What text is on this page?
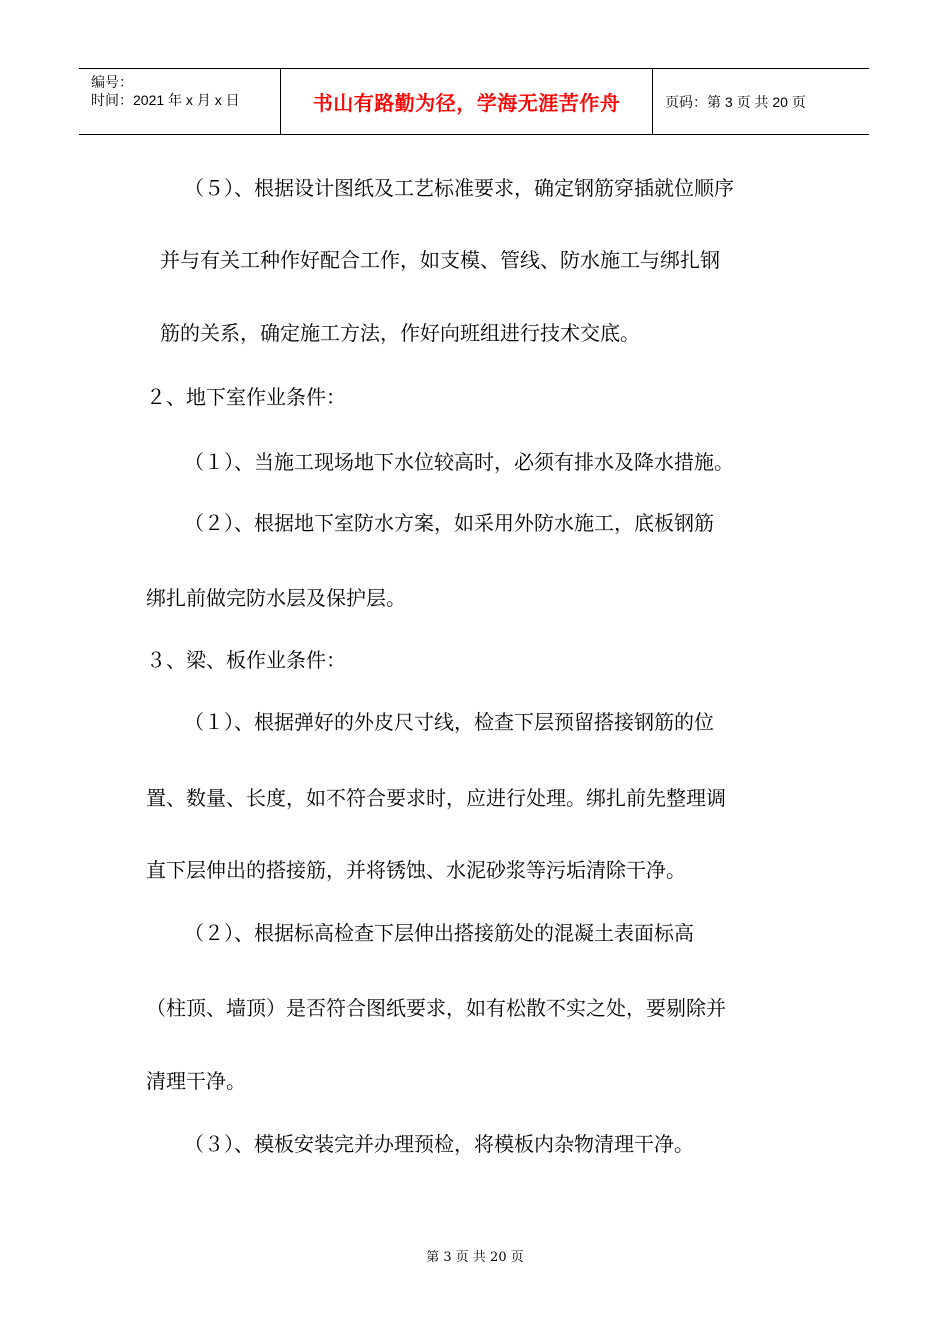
编号：
时间：2021 年 x 月 x 日	书山有路勤为径，学海无涯苦作舟	页码：第 3 页 共 20 页
（５）、根据设计图纸及工艺标准要求，确定钢筋穿插就位顺序
并与有关工种作好配合工作，如支模、管线、防水施工与绑扎钢
筋的关系，确定施工方法，作好向班组进行技术交底。
２、地下室作业条件：
（１）、当施工现场地下水位较高时，必须有排水及降水措施。
（２）、根据地下室防水方案，如采用外防水施工，底板钢筋
绑扎前做完防水层及保护层。
３、梁、板作业条件：
（１）、根据弹好的外皮尺寸线，检查下层预留搭接钢筋的位
置、数量、长度，如不符合要求时，应进行处理。绑扎前先整理调
直下层伸出的搭接筋，并将锈蚀、水泥砂浆等污垢清除干净。
（２）、根据标高检查下层伸出搭接筋处的混凝土表面标高
（柱顶、墙顶）是否符合图纸要求，如有松散不实之处，要剔除并
清理干净。
（３）、模板安装完并办理预检，将模板内杂物清理干净。
第 3 页 共 20 页
